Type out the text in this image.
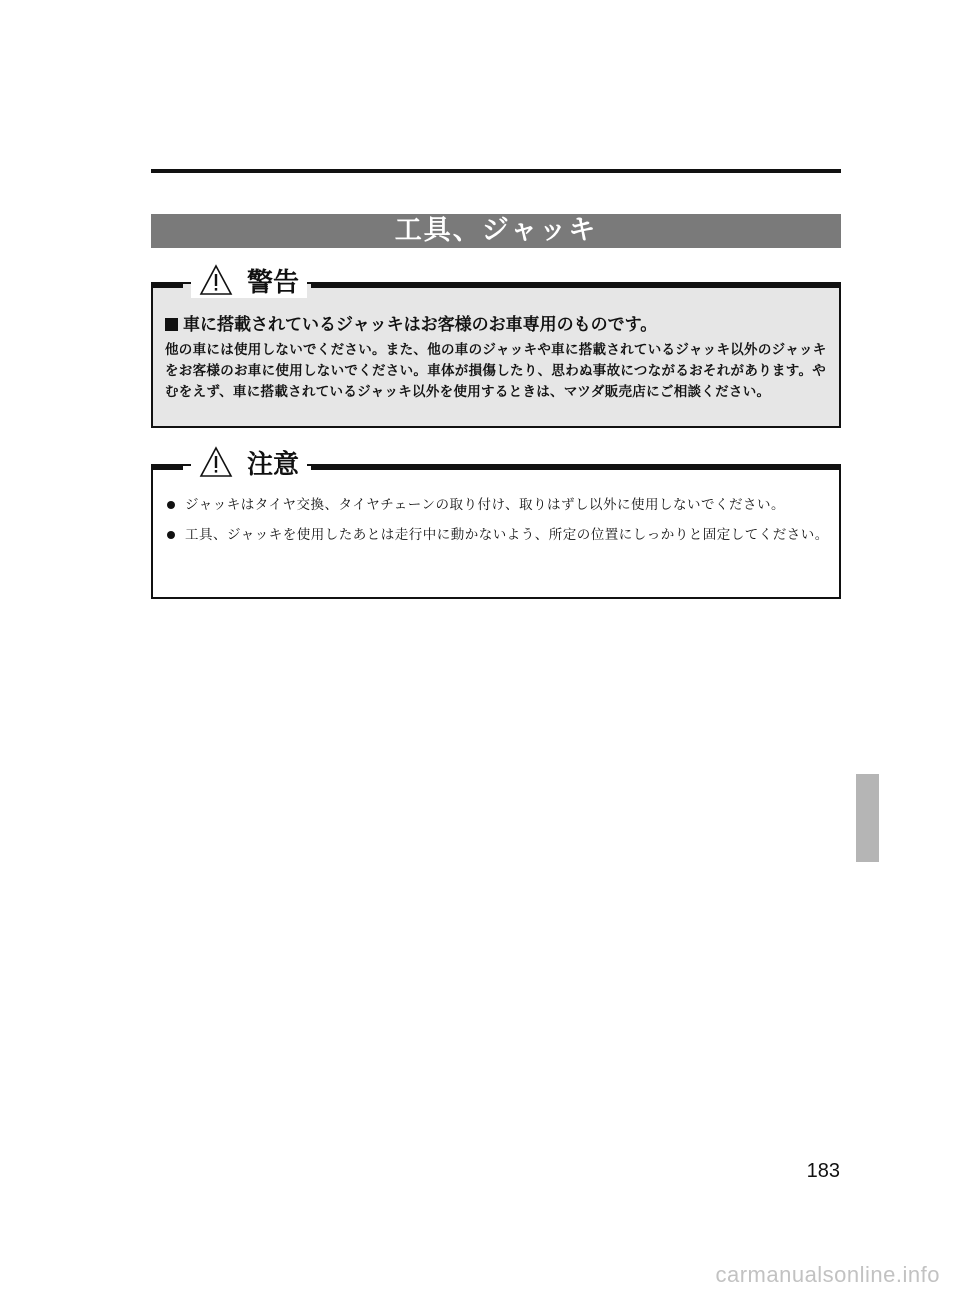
工具、ジャッキ
警告
車に搭載されているジャッキはお客様のお車専用のものです。
他の車には使用しないでください。また、他の車のジャッキや車に搭載されているジャッキ以外のジャッキをお客様のお車に使用しないでください。車体が損傷したり、思わぬ事故につながるおそれがあります。やむをえず、車に搭載されているジャッキ以外を使用するときは、マツダ販売店にご相談ください。
注意
ジャッキはタイヤ交換、タイヤチェーンの取り付け、取りはずし以外に使用しないでください。
工具、ジャッキを使用したあとは走行中に動かないよう、所定の位置にしっかりと固定してください。
183
carmanualsonline.info
